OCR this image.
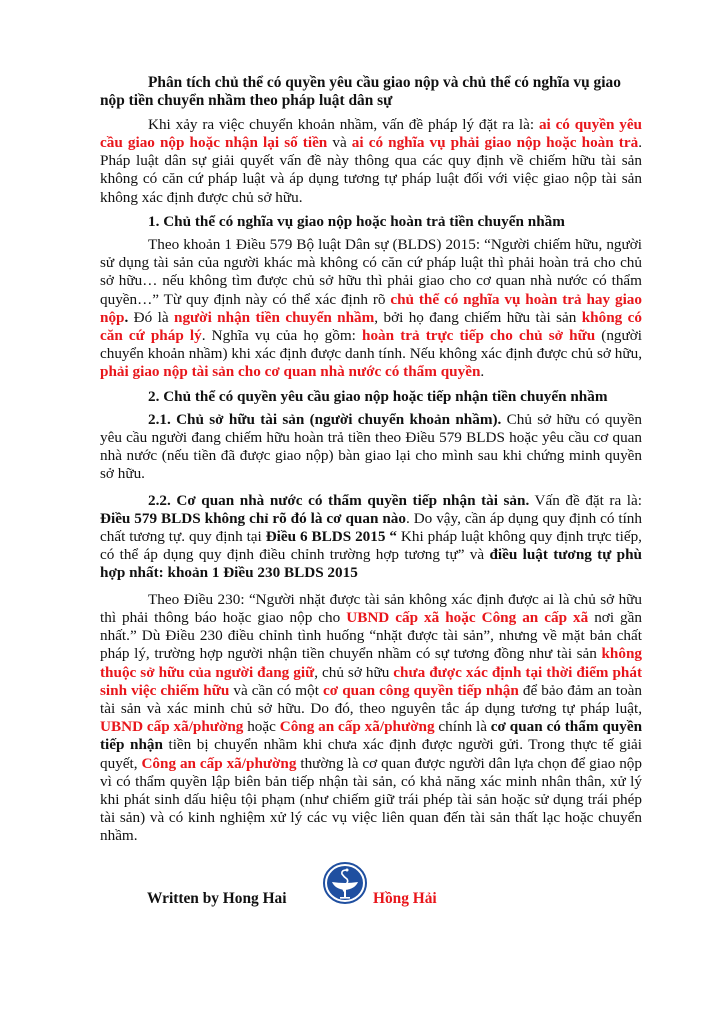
Phân tích chủ thể có quyền yêu cầu giao nộp và chủ thể có nghĩa vụ giao nộp tiền chuyển nhầm theo pháp luật dân sự

Khi xảy ra việc chuyển khoản nhầm, vấn đề pháp lý đặt ra là: ai có quyền yêu cầu giao nộp hoặc nhận lại số tiền và ai có nghĩa vụ phải giao nộp hoặc hoàn trả. Pháp luật dân sự giải quyết vấn đề này thông qua các quy định về chiếm hữu tài sản không có căn cứ pháp luật và áp dụng tương tự pháp luật đối với việc giao nộp tài sản không xác định được chủ sở hữu.

1. Chủ thể có nghĩa vụ giao nộp hoặc hoàn trả tiền chuyển nhầm

Theo khoản 1 Điều 579 Bộ luật Dân sự (BLDS) 2015: “Người chiếm hữu, người sử dụng tài sản của người khác mà không có căn cứ pháp luật thì phải hoàn trả cho chủ sở hữu… nếu không tìm được chủ sở hữu thì phải giao cho cơ quan nhà nước có thẩm quyền…” Từ quy định này có thể xác định rõ chủ thể có nghĩa vụ hoàn trả hay giao nộp. Đó là người nhận tiền chuyển nhầm, bởi họ đang chiếm hữu tài sản không có căn cứ pháp lý. Nghĩa vụ của họ gồm: hoàn trả trực tiếp cho chủ sở hữu (người chuyển khoản nhầm) khi xác định được danh tính. Nếu không xác định được chủ sở hữu, phải giao nộp tài sản cho cơ quan nhà nước có thẩm quyền.

2. Chủ thể có quyền yêu cầu giao nộp hoặc tiếp nhận tiền chuyển nhầm

2.1. Chủ sở hữu tài sản (người chuyển khoản nhầm). Chủ sở hữu có quyền yêu cầu người đang chiếm hữu hoàn trả tiền theo Điều 579 BLDS hoặc yêu cầu cơ quan nhà nước (nếu tiền đã được giao nộp) bàn giao lại cho mình sau khi chứng minh quyền sở hữu.

2.2. Cơ quan nhà nước có thẩm quyền tiếp nhận tài sản. Vấn đề đặt ra là: Điều 579 BLDS không chỉ rõ đó là cơ quan nào. Do vậy, cần áp dụng quy định có tính chất tương tự. quy định tại Điều 6 BLDS 2015 “ Khi pháp luật không quy định trực tiếp, có thể áp dụng quy định điều chỉnh trường hợp tương tự” và điều luật tương tự phù hợp nhất: khoản 1 Điều 230 BLDS 2015

Theo Điều 230: “Người nhặt được tài sản không xác định được ai là chủ sở hữu thì phải thông báo hoặc giao nộp cho UBND cấp xã hoặc Công an cấp xã nơi gần nhất.” Dù Điều 230 điều chỉnh tình huống “nhặt được tài sản”, nhưng về mặt bản chất pháp lý, trường hợp người nhận tiền chuyển nhầm có sự tương đồng như tài sản không thuộc sở hữu của người đang giữ, chủ sở hữu chưa được xác định tại thời điểm phát sinh việc chiếm hữu và cần có một cơ quan công quyền tiếp nhận để bảo đảm an toàn tài sản và xác minh chủ sở hữu. Do đó, theo nguyên tắc áp dụng tương tự pháp luật, UBND cấp xã/phường hoặc Công an cấp xã/phường chính là cơ quan có thẩm quyền tiếp nhận tiền bị chuyển nhầm khi chưa xác định được người gửi. Trong thực tế giải quyết, Công an cấp xã/phường thường là cơ quan được người dân lựa chọn để giao nộp vì có thẩm quyền lập biên bản tiếp nhận tài sản, có khả năng xác minh nhân thân, xử lý khi phát sinh dấu hiệu tội phạm (như chiếm giữ trái phép tài sản hoặc sử dụng trái phép tài sản) và có kinh nghiệm xử lý các vụ việc liên quan đến tài sản thất lạc hoặc chuyển nhầm.

Written by Hong Hai	Hồng Hải
